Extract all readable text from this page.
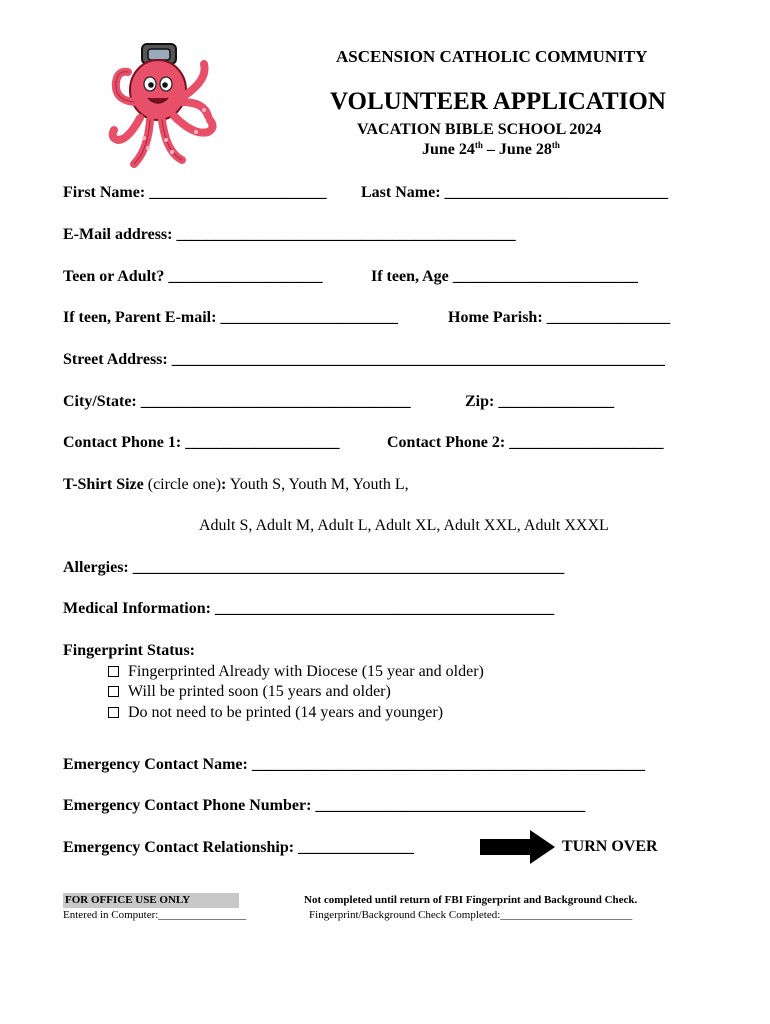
ASCENSION CATHOLIC COMMUNITY
VOLUNTEER APPLICATION
VACATION BIBLE SCHOOL 2024
June 24th – June 28th
First Name: _______________________ Last Name: _____________________________
E-Mail address: ____________________________________________
Teen or Adult? ____________________	If teen, Age ________________________
If teen, Parent E-mail: _______________________	Home Parish: ________________
Street Address: ________________________________________________________________
City/State: ___________________________________	Zip: _______________
Contact Phone 1: ____________________	Contact Phone 2: ____________________
T-Shirt Size (circle one): Youth S, Youth M, Youth L,
Adult S, Adult M, Adult L, Adult XL, Adult XXL, Adult XXXL
Allergies: ________________________________________________________
Medical Information: ____________________________________________
Fingerprint Status:
Fingerprinted Already with Diocese (15 year and older)
Will be printed soon (15 years and older)
Do not need to be printed (14 years and younger)
Emergency Contact Name: ___________________________________________________
Emergency Contact Phone Number: ___________________________________
Emergency Contact Relationship: _______________	TURN OVER
FOR OFFICE USE ONLY
Entered in Computer:________________
Not completed until return of FBI Fingerprint and Background Check.
Fingerprint/Background Check Completed:________________________
